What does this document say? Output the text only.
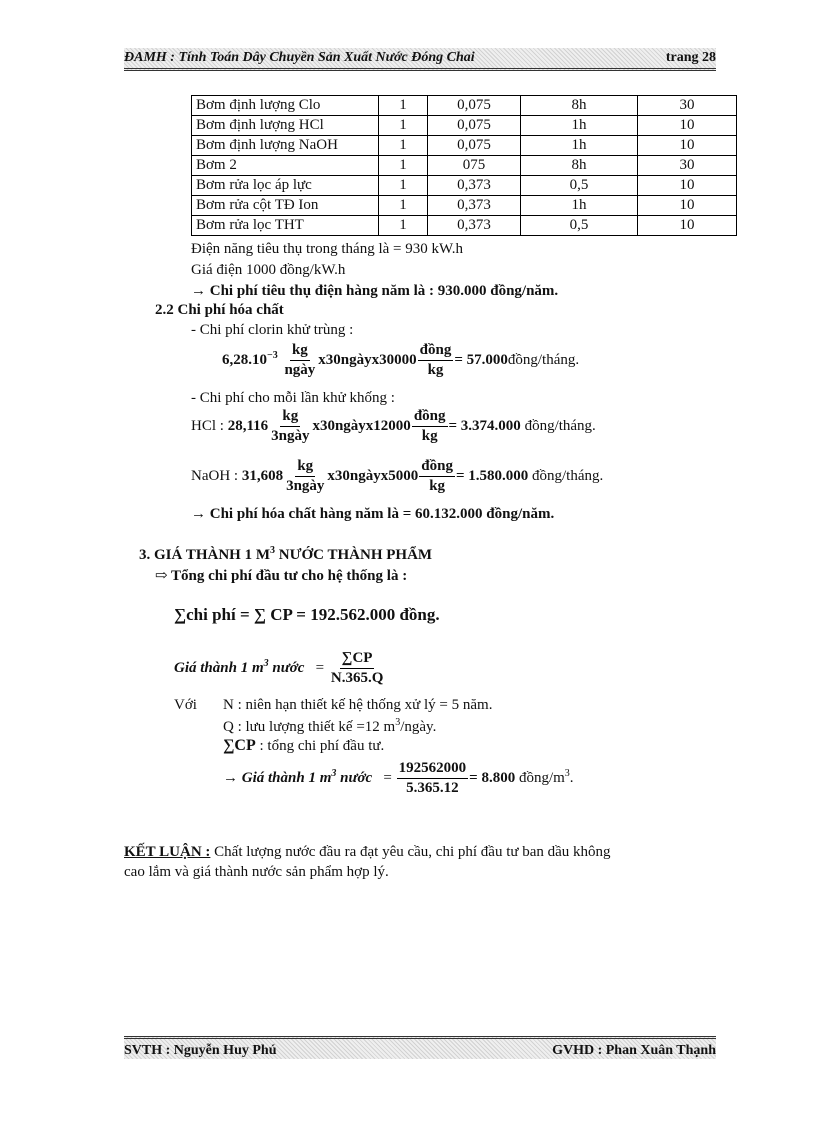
ĐAMH : Tính Toán Dây Chuyền Sản Xuất Nước Đóng Chai	trang 28
Bơm định lượng Clo	1	0,075	8h	30
Bơm định lượng HCl	1	0,075	1h	10
Bơm định lượng NaOH	1	0,075	1h	10
Bơm 2	1	075	8h	30
Bơm rửa lọc áp lực	1	0,373	0,5	10
Bơm rửa cột TĐ Ion	1	0,373	1h	10
Bơm rửa lọc THT	1	0,373	0,5	10
Điện năng tiêu thụ trong tháng là = 930 kW.h
Giá điện 1000 đồng/kW.h
→ Chi phí tiêu thụ điện hàng năm là : 930.000 đồng/năm.
2.2 Chi phí hóa chất
- Chi phí clorin khử trùng :
$6,28.10^{-3} \frac{kg}{\text{ngày}}$ x30ngàyx30000 $\frac{\text{đồng}}{kg}$ = 57.000đồng/tháng.
- Chi phí cho mỗi lần khử khống :
HCl : $28,116 \frac{kg}{\text{3ngày}}$ x30ngàyx12000 $\frac{\text{đồng}}{kg} = 3.374.000$ đồng/tháng.
NaOH : $31,608 \frac{kg}{\text{3ngày}}$ x30ngàyx5000 $\frac{\text{đồng}}{kg} = 1.580.000$ đồng/tháng.
→ Chi phí hóa chất hàng năm là = 60.132.000 đồng/năm.
3. GIÁ THÀNH 1 $M^3$ NƯỚC THÀNH PHẨM
⇨ Tổng chi phí đầu tư cho hệ thống là :
∑chi phí = ∑ CP = 192.562.000 đồng.
Giá thành 1 $m^3$ nước = $\frac{\sum CP}{N.365.Q}$
Với N : niên hạn thiết kế hệ thống xử lý = 5 năm.
Q : lưu lượng thiết kế =12 $m^3$/ngày.
∑CP : tổng chi phí đầu tư.
→ Giá thành 1 $m^3$ nước = $\frac{192562000}{5.365.12} = 8.800$ đồng/$m^3$.
KẾT LUẬN : Chất lượng nước đầu ra đạt yêu cầu, chi phí đầu tư ban dầu không
cao lắm và giá thành nước sản phẩm hợp lý.
SVTH : Nguyễn Huy Phú	GVHD : Phan Xuân Thạnh
